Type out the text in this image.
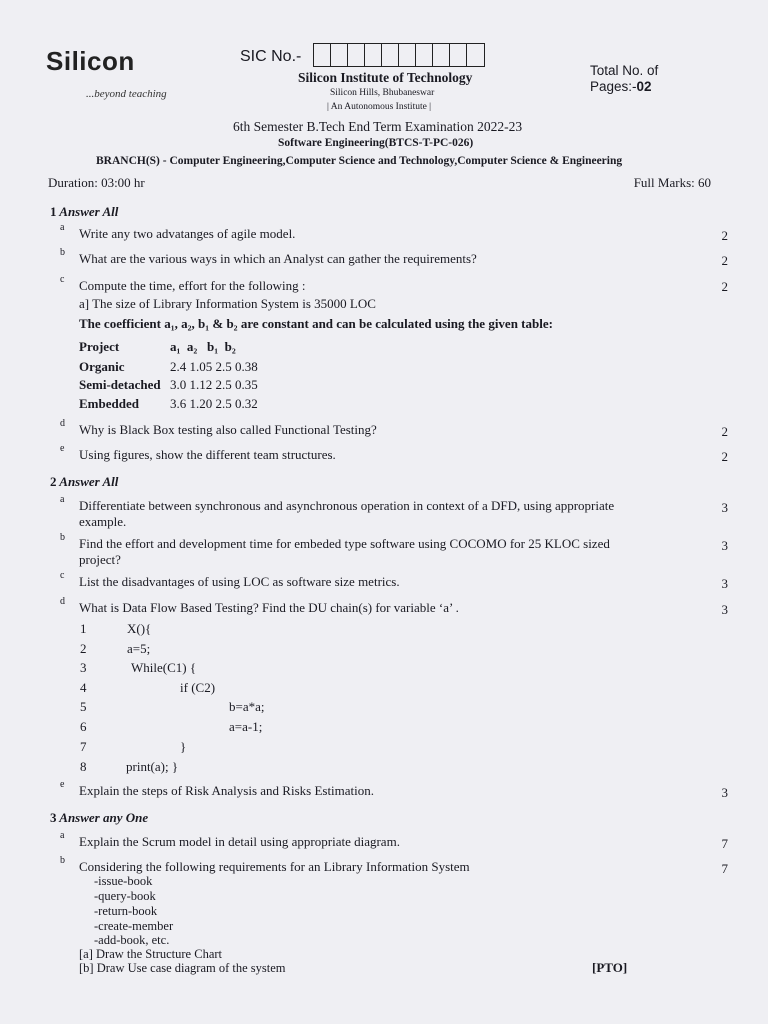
Silicon
...beyond teaching
SIC No.-
Silicon Institute of Technology
Silicon Hills, Bhubaneswar
| An Autonomous Institute |
Total No. of
Pages:-02
6th Semester B.Tech End Term Examination 2022-23
Software Engineering(BTCS-T-PC-026)
BRANCH(S) - Computer Engineering,Computer Science and Technology,Computer Science & Engineering
Duration: 03:00 hr	Full Marks: 60
1 Answer All
a Write any two advatanges of agile model.	2
b What are the various ways in which an Analyst can gather the requirements?	2
c Compute the time, effort for the following :	2
a] The size of Library Information System is 35000 LOC
The coefficient a₁, a₂, b₁ & b₂ are constant and can be calculated using the given table:
Project	a₁  a₂   b₁  b₂
Organic	2.4 1.05 2.5 0.38
Semi-detached 3.0 1.12 2.5 0.35
Embedded 3.6 1.20 2.5 0.32
d Why is Black Box testing also called Functional Testing?	2
e Using figures, show the different team structures.	2
2 Answer All
a Differentiate between synchronous and asynchronous operation in context of a DFD, using appropriate
example.
3
b Find the effort and development time for embeded type software using COCOMO for 25 KLOC sized
project?
3
c List the disadvantages of using LOC as software size metrics.	3
d What is Data Flow Based Testing? Find the DU chain(s) for variable ‘a’ .	3
1	X(){
2	a=5;
3	While(C1) {
4	if (C2)
5	b=a*a;
6	a=a-1;
7	}
8	print(a); }
e Explain the steps of Risk Analysis and Risks Estimation.	3
3 Answer any One
a Explain the Scrum model in detail using appropriate diagram.	7
b Considering the following requirements for an Library Information System	7
-issue-book
-query-book
-return-book
-create-member
-add-book, etc.
[a] Draw the Structure Chart
[b] Draw Use case diagram of the system	[PTO]
